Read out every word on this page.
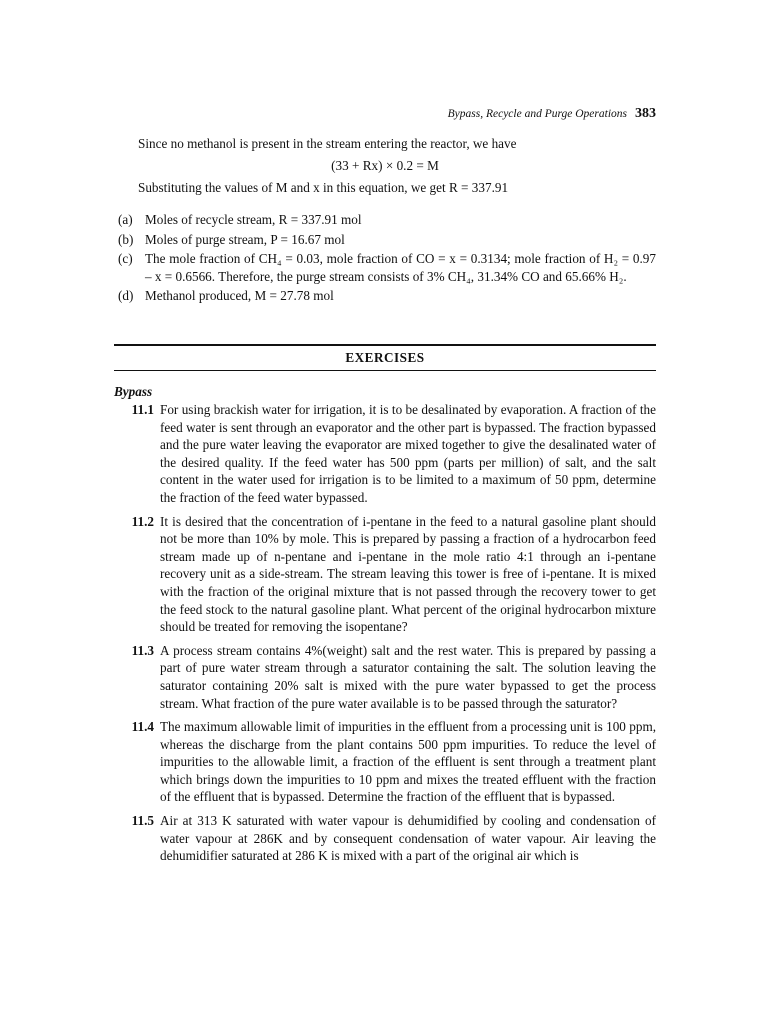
Bypass, Recycle and Purge Operations 383

Since no methanol is present in the stream entering the reactor, we have

(33 + Rx) × 0.2 = M

Substituting the values of M and x in this equation, we get R = 337.91

(a) Moles of recycle stream, R = 337.91 mol
(b) Moles of purge stream, P = 16.67 mol
(c) The mole fraction of CH₄ = 0.03, mole fraction of CO = x = 0.3134; mole fraction of H₂ = 0.97 – x = 0.6566. Therefore, the purge stream consists of 3% CH₄, 31.34% CO and 65.66% H₂.
(d) Methanol produced, M = 27.78 mol
EXERCISES
Bypass
11.1 For using brackish water for irrigation, it is to be desalinated by evaporation. A fraction of the feed water is sent through an evaporator and the other part is bypassed. The fraction bypassed and the pure water leaving the evaporator are mixed together to give the desalinated water of the desired quality. If the feed water has 500 ppm (parts per million) of salt, and the salt content in the water used for irrigation is to be limited to a maximum of 50 ppm, determine the fraction of the feed water bypassed.
11.2 It is desired that the concentration of i-pentane in the feed to a natural gasoline plant should not be more than 10% by mole. This is prepared by passing a fraction of a hydrocarbon feed stream made up of n-pentane and i-pentane in the mole ratio 4:1 through an i-pentane recovery unit as a side-stream. The stream leaving this tower is free of i-pentane. It is mixed with the fraction of the original mixture that is not passed through the recovery tower to get the feed stock to the natural gasoline plant. What percent of the original hydrocarbon mixture should be treated for removing the isopentane?
11.3 A process stream contains 4%(weight) salt and the rest water. This is prepared by passing a part of pure water stream through a saturator containing the salt. The solution leaving the saturator containing 20% salt is mixed with the pure water bypassed to get the process stream. What fraction of the pure water available is to be passed through the saturator?
11.4 The maximum allowable limit of impurities in the effluent from a processing unit is 100 ppm, whereas the discharge from the plant contains 500 ppm impurities. To reduce the level of impurities to the allowable limit, a fraction of the effluent is sent through a treatment plant which brings down the impurities to 10 ppm and mixes the treated effluent with the fraction of the effluent that is bypassed. Determine the fraction of the effluent that is bypassed.
11.5 Air at 313 K saturated with water vapour is dehumidified by cooling and condensation of water vapour at 286K and by consequent condensation of water vapour. Air leaving the dehumidifier saturated at 286 K is mixed with a part of the original air which is
